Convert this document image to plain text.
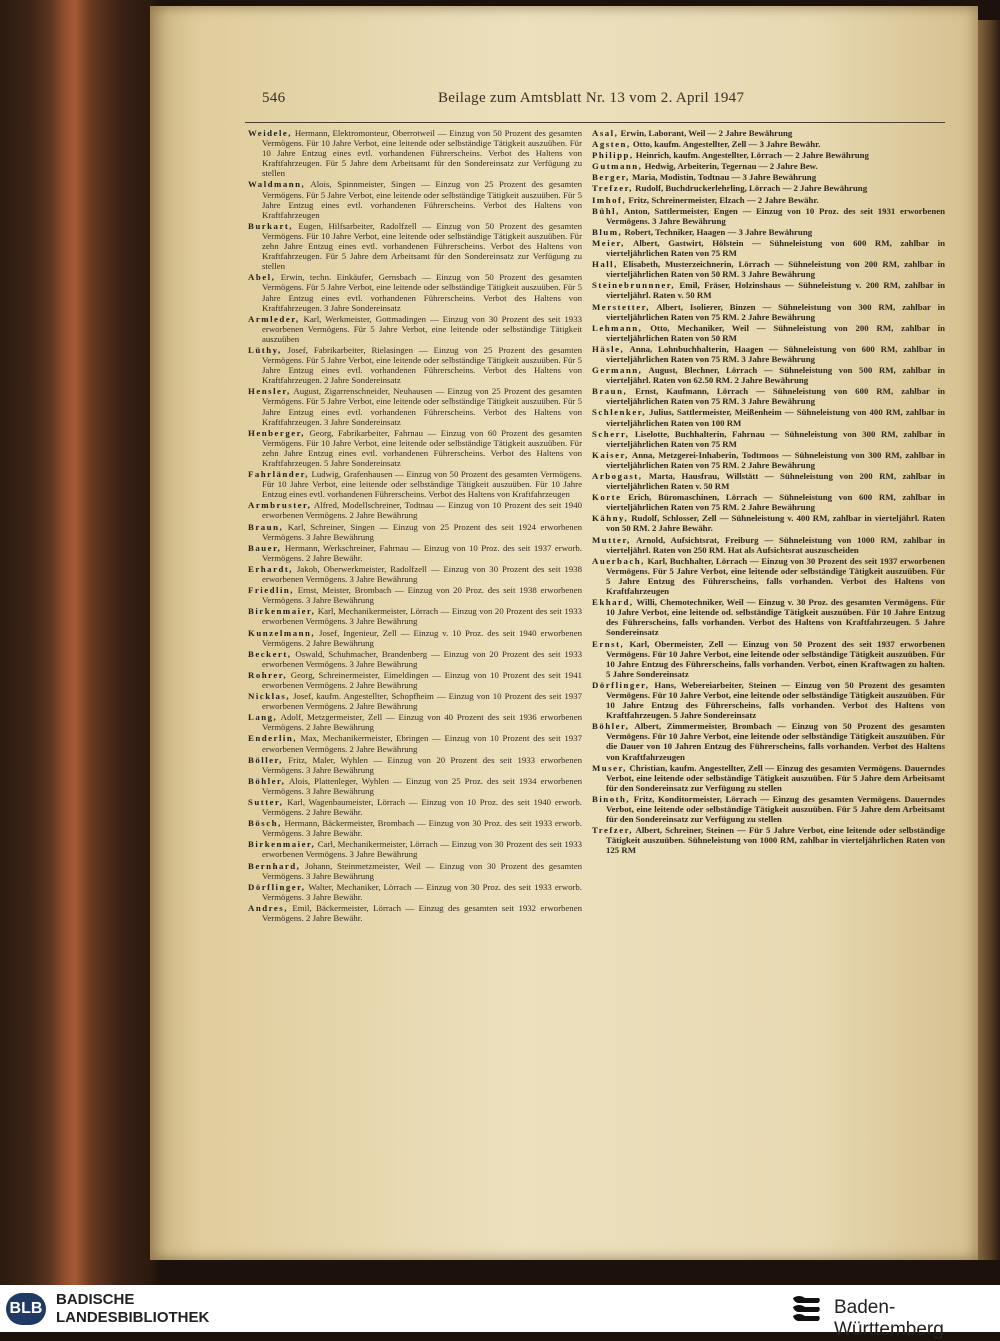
546	Beilage zum Amtsblatt Nr. 13 vom 2. April 1947
Weidele, Hermann, Elektromonteur, Oberrotweil — Einzug von 50 Prozent des gesamten Vermögens. Für 10 Jahre Verbot, eine leitende oder selbständige Tätigkeit auszuüben. Für 10 Jahre Entzug eines evtl. vorhandenen Führerscheins. Verbot des Haltens von Kraftfahrzeugen. Für 5 Jahre dem Arbeitsamt für den Sondereinsatz zur Verfügung zu stellen
Waldmann, Alois, Spinnmeister, Singen — Einzug von 25 Prozent des gesamten Vermögens. Für 5 Jahre Verbot, eine leitende oder selbständige Tätigkeit auszuüben. Für 5 Jahre Entzug eines evtl. vorhandenen Führerscheins. Verbot des Haltens von Kraftfahrzeugen
Burkart, Eugen, Hilfsarbeiter, Radolfzell — Einzug von 50 Prozent des gesamten Vermögens. Für 10 Jahre Verbot, eine leitende oder selbständige Tätigkeit auszuüben. Für zehn Jahre Entzug eines evtl. vorhandenen Führerscheins. Verbot des Haltens von Kraftfahrzeugen. Für 5 Jahre dem Arbeitsamt für den Sondereinsatz zur Verfügung zu stellen
Abel, Erwin, techn. Einkäufer, Gernsbach — Einzug von 50 Prozent des gesamten Vermögens. Für 5 Jahre Verbot, eine leitende oder selbständige Tätigkeit auszuüben. Für 5 Jahre Entzug eines evtl. vorhandenen Führerscheins. Verbot des Haltens von Kraftfahrzeugen. 3 Jahre Sondereinsatz
Armleder, Karl, Werkmeister, Gottmadingen — Einzug von 30 Prozent des seit 1933 erworbenen Vermögens. Für 5 Jahre Verbot, eine leitende oder selbständige Tätigkeit auszuüben
Lüthy, Josef, Fabrikarbeiter, Rielasingen — Einzug von 25 Prozent des gesamten Vermögens. Für 5 Jahre Verbot, eine leitende oder selbständige Tätigkeit auszuüben. Für 5 Jahre Entzug eines evtl. vorhandenen Führerscheins. Verbot des Haltens von Kraftfahrzeugen. 2 Jahre Sondereinsatz
Hensler, August, Zigarrenschneider, Neuhausen — Einzug von 25 Prozent des gesamten Vermögens. Für 5 Jahre Verbot, eine leitende oder selbständige Tätigkeit auszuüben. Für 5 Jahre Entzug eines evtl. vorhandenen Führerscheins. Verbot des Haltens von Kraftfahrzeugen. 3 Jahre Sondereinsatz
Henberger, Georg, Fabrikarbeiter, Fahrnau — Einzug von 60 Prozent des gesamten Vermögens. Für 10 Jahre Verbot, eine leitende oder selbständige Tätigkeit auszuüben. Für zehn Jahre Entzug eines evtl. vorhandenen Führerscheins. Verbot des Haltens von Kraftfahrzeugen. 5 Jahre Sondereinsatz
Fahrländer, Ludwig, Grafenhausen — Einzug von 50 Prozent des gesamten Vermögens. Für 10 Jahre Verbot, eine leitende oder selbständige Tätigkeit auszuüben. Für 10 Jahre Entzug eines evtl. vorhandenen Führerscheins. Verbot des Haltens von Kraftfahrzeugen
Armbruster, Alfred, Modellschreiner, Todtnau — Einzug von 10 Prozent des seit 1940 erworbenen Vermögens. 2 Jahre Bewährung
Braun, Karl, Schreiner, Singen — Einzug von 25 Prozent des seit 1924 erworbenen Vermögens. 3 Jahre Bewährung
Bauer, Hermann, Werkschreiner, Fahrnau — Einzug von 10 Proz. des seit 1937 erworb. Vermögens. 2 Jahre Bewähr.
Erhardt, Jakob, Oberwerkmeister, Radolfzell — Einzug von 30 Prozent des seit 1938 erworbenen Vermögens. 3 Jahre Bewährung
Friedlin, Ernst, Meister, Brombach — Einzug von 20 Proz. des seit 1938 erworbenen Vermögens. 3 Jahre Bewährung
Birkenmaier, Karl, Mechanikermeister, Lörrach — Einzug von 20 Prozent des seit 1933 erworbenen Vermögens. 3 Jahre Bewährung
Kunzelmann, Josef, Ingenieur, Zell — Einzug v. 10 Proz. des seit 1940 erworbenen Vermögens. 2 Jahre Bewährung
Beckert, Oswald, Schuhmacher, Brandenberg — Einzug von 20 Prozent des seit 1933 erworbenen Vermögens. 3 Jahre Bewährung
Rohrer, Georg, Schreinermeister, Eimeldingen — Einzug von 10 Prozent des seit 1941 erworbenen Vermögens. 2 Jahre Bewährung
Nicklas, Josef, kaufm. Angestellter, Schopfheim — Einzug von 10 Prozent des seit 1937 erworbenen Vermögens. 2 Jahre Bewährung
Lang, Adolf, Metzgermeister, Zell — Einzug von 40 Prozent des seit 1936 erworbenen Vermögens. 2 Jahre Bewährung
Enderlin, Max, Mechanikermeister, Ebringen — Einzug von 10 Prozent des seit 1937 erworbenen Vermögens. 2 Jahre Bewährung
Böller, Fritz, Maler, Wyhlen — Einzug von 20 Prozent des seit 1933 erworbenen Vermögens. 3 Jahre Bewährung
Böhler, Alois, Plattenleger, Wyhlen — Einzug von 25 Proz. des seit 1934 erworbenen Vermögens. 3 Jahre Bewährung
Sutter, Karl, Wagenbaumeister, Lörrach — Einzug von 10 Proz. des seit 1940 erworb. Vermögens. 2 Jahre Bewähr.
Bösch, Hermann, Bäckermeister, Brombach — Einzug von 30 Proz. des seit 1933 erworb. Vermögens. 3 Jahre Bewähr.
Birkenmaier, Carl, Mechanikermeister, Lörrach — Einzug von 30 Prozent des seit 1933 erworbenen Vermögens. 3 Jahre Bewährung
Bernhard, Johann, Steinmetzmeister, Weil — Einzug von 30 Prozent des gesamten Vermögens. 3 Jahre Bewährung
Dörflinger, Walter, Mechaniker, Lörrach — Einzug von 30 Proz. des seit 1933 erworb. Vermögens. 3 Jahre Bewähr.
Andres, Emil, Bäckermeister, Lörrach — Einzug des gesamten seit 1932 erworbenen Vermögens. 2 Jahre Bewähr.
Asal, Erwin, Laborant, Weil — 2 Jahre Bewährung
Agsten, Otto, kaufm. Angestellter, Zell — 3 Jahre Bewähr.
Philipp, Heinrich, kaufm. Angestellter, Lörrach — 2 Jahre Bewährung
Gutmann, Hedwig, Arbeiterin, Tegernau — 2 Jahre Bew.
Berger, Maria, Modistin, Todtnau — 3 Jahre Bewährung
Trefzer, Rudolf, Buchdruckerlehrling, Lörrach — 2 Jahre Bewährung
Imhof, Fritz, Schreinermeister, Elzach — 2 Jahre Bewähr.
Bühl, Anton, Sattlermeister, Engen — Einzug von 10 Proz. des seit 1931 erworbenen Vermögens. 3 Jahre Bewährung
Blum, Robert, Techniker, Haagen — 3 Jahre Bewährung
Meier, Albert, Gastwirt, Hölstein — Sühneleistung von 600 RM, zahlbar in vierteljährlichen Raten von 75 RM
Hall, Elisabeth, Musterzeichnerin, Lörrach — Sühneleistung von 200 RM, zahlbar in vierteljährlichen Raten von 50 RM. 3 Jahre Bewährung
Steinebrunnner, Emil, Fräser, Holzinshaus — Sühneleistung v. 200 RM, zahlbar in vierteljährl. Raten v. 50 RM
Merstetter, Albert, Isolierer, Binzen — Sühneleistung von 300 RM, zahlbar in vierteljährlichen Raten von 75 RM. 2 Jahre Bewährung
Lehmann, Otto, Mechaniker, Weil — Sühneleistung von 200 RM, zahlbar in vierteljährlichen Raten von 50 RM
Häsle, Anna, Lohnbuchhalterin, Haagen — Sühneleistung von 600 RM, zahlbar in vierteljährlichen Raten von 75 RM. 3 Jahre Bewährung
Germann, August, Blechner, Lörrach — Sühneleistung von 500 RM, zahlbar in vierteljährl. Raten von 62.50 RM. 2 Jahre Bewährung
Braun, Ernst, Kaufmann, Lörrach — Sühneleistung von 600 RM, zahlbar in vierteljährlichen Raten von 75 RM. 3 Jahre Bewährung
Schlenker, Julius, Sattlermeister, Meißenheim — Sühneleistung von 400 RM, zahlbar in vierteljährlichen Raten von 100 RM
Scherr, Liselotte, Buchhalterin, Fahrnau — Sühneleistung von 300 RM, zahlbar in vierteljährlichen Raten von 75 RM
Kaiser, Anna, Metzgerei-Inhaberin, Todtmoos — Sühneleistung von 300 RM, zahlbar in vierteljährlichen Raten von 75 RM. 2 Jahre Bewährung
Arbogast, Marta, Hausfrau, Willstätt — Sühneleistung von 200 RM, zahlbar in vierteljährlichen Raten v. 50 RM
Korte Erich, Büromaschinen, Lörrach — Sühneleistung von 600 RM, zahlbar in vierteljährlichen Raten von 75 RM. 2 Jahre Bewährung
Kähny, Rudolf, Schlosser, Zell — Sühneleistung v. 400 RM, zahlbar in vierteljährl. Raten von 50 RM. 2 Jahre Bewähr.
Mutter, Arnold, Aufsichtsrat, Freiburg — Sühneleistung von 1000 RM, zahlbar in vierteljährl. Raten von 250 RM. Hat als Aufsichtsrat auszuscheiden
Auerbach, Karl, Buchhalter, Lörrach — Einzug von 30 Prozent des seit 1937 erworbenen Vermögens. Für 5 Jahre Verbot, eine leitende oder selbständige Tätigkeit auszuüben. Für 5 Jahre Entzug des Führerscheins, falls vorhanden. Verbot des Haltens von Kraftfahrzeugen
Ekhard, Willi, Chemotechniker, Weil — Einzug v. 30 Proz. des gesamten Vermögens. Für 10 Jahre Verbot, eine leitende od. selbständige Tätigkeit auszuüben. Für 10 Jahre Entzug des Führerscheins, falls vorhanden. Verbot des Haltens von Kraftfahrzeugen. 5 Jahre Sondereinsatz
Ernst, Karl, Obermeister, Zell — Einzug von 50 Prozent des seit 1937 erworbenen Vermögens. Für 10 Jahre Verbot, eine leitende oder selbständige Tätigkeit auszuüben. Für 10 Jahre Entzug des Führerscheins, falls vorhanden. Verbot, einen Kraftwagen zu halten. 5 Jahre Sondereinsatz
Dörflinger, Hans, Webereiarbeiter, Steinen — Einzug von 50 Prozent des gesamten Vermögens. Für 10 Jahre Verbot, eine leitende oder selbständige Tätigkeit auszuüben. Für 10 Jahre Entzug des Führerscheins, falls vorhanden. Verbot des Haltens von Kraftfahrzeugen. 5 Jahre Sondereinsatz
Böhler, Albert, Zimmermeister, Brombach — Einzug von 50 Prozent des gesamten Vermögens. Für 10 Jahre Verbot, eine leitende oder selbständige Tätigkeit auszuüben. Für die Dauer von 10 Jahren Entzug des Führerscheins, falls vorhanden. Verbot des Haltens von Kraftfahrzeugen
Muser, Christian, kaufm. Angestellter, Zell — Einzug des gesamten Vermögens. Dauerndes Verbot, eine leitende oder selbständige Tätigkeit auszuüben. Für 5 Jahre dem Arbeitsamt für den Sondereinsatz zur Verfügung zu stellen
Binoth, Fritz, Konditormeister, Lörrach — Einzug des gesamten Vermögens. Dauerndes Verbot, eine leitende oder selbständige Tätigkeit auszuüben. Für 5 Jahre dem Arbeitsamt für den Sondereinsatz zur Verfügung zu stellen
Trefzer, Albert, Schreiner, Steinen — Für 5 Jahre Verbot, eine leitende oder selbständige Tätigkeit auszuüben. Sühneleistung von 1000 RM, zahlbar in vierteljährlichen Raten von 125 RM
BLB
BADISCHE
LANDESBIBLIOTHEK	Baden-Württemberg
